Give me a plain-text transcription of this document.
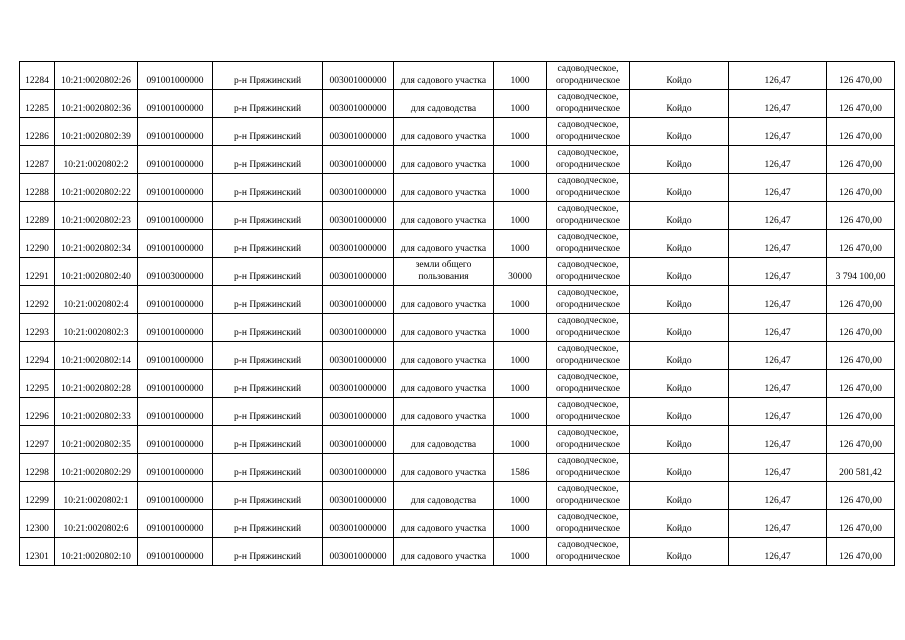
12284	10:21:0020802:26	091001000000	р-н Пряжинский	003001000000	для садового участка	1000	садоводческое,
огородническое	Койдо	126,47	126 470,00
12285	10:21:0020802:36	091001000000	р-н Пряжинский	003001000000	для садоводства	1000	садоводческое,
огородническое	Койдо	126,47	126 470,00
12286	10:21:0020802:39	091001000000	р-н Пряжинский	003001000000	для садового участка	1000	садоводческое,
огородническое	Койдо	126,47	126 470,00
12287	10:21:0020802:2	091001000000	р-н Пряжинский	003001000000	для садового участка	1000	садоводческое,
огородническое	Койдо	126,47	126 470,00
12288	10:21:0020802:22	091001000000	р-н Пряжинский	003001000000	для садового участка	1000	садоводческое,
огородническое	Койдо	126,47	126 470,00
12289	10:21:0020802:23	091001000000	р-н Пряжинский	003001000000	для садового участка	1000	садоводческое,
огородническое	Койдо	126,47	126 470,00
12290	10:21:0020802:34	091001000000	р-н Пряжинский	003001000000	для садового участка	1000	садоводческое,
огородническое	Койдо	126,47	126 470,00
12291	10:21:0020802:40	091003000000	р-н Пряжинский	003001000000	земли общего
пользования	30000	садоводческое,
огородническое	Койдо	126,47	3 794 100,00
12292	10:21:0020802:4	091001000000	р-н Пряжинский	003001000000	для садового участка	1000	садоводческое,
огородническое	Койдо	126,47	126 470,00
12293	10:21:0020802:3	091001000000	р-н Пряжинский	003001000000	для садового участка	1000	садоводческое,
огородническое	Койдо	126,47	126 470,00
12294	10:21:0020802:14	091001000000	р-н Пряжинский	003001000000	для садового участка	1000	садоводческое,
огородническое	Койдо	126,47	126 470,00
12295	10:21:0020802:28	091001000000	р-н Пряжинский	003001000000	для садового участка	1000	садоводческое,
огородническое	Койдо	126,47	126 470,00
12296	10:21:0020802:33	091001000000	р-н Пряжинский	003001000000	для садового участка	1000	садоводческое,
огородническое	Койдо	126,47	126 470,00
12297	10:21:0020802:35	091001000000	р-н Пряжинский	003001000000	для садоводства	1000	садоводческое,
огородническое	Койдо	126,47	126 470,00
12298	10:21:0020802:29	091001000000	р-н Пряжинский	003001000000	для садового участка	1586	садоводческое,
огородническое	Койдо	126,47	200 581,42
12299	10:21:0020802:1	091001000000	р-н Пряжинский	003001000000	для садоводства	1000	садоводческое,
огородническое	Койдо	126,47	126 470,00
12300	10:21:0020802:6	091001000000	р-н Пряжинский	003001000000	для садового участка	1000	садоводческое,
огородническое	Койдо	126,47	126 470,00
12301	10:21:0020802:10	091001000000	р-н Пряжинский	003001000000	для садового участка	1000	садоводческое,
огородническое	Койдо	126,47	126 470,00
